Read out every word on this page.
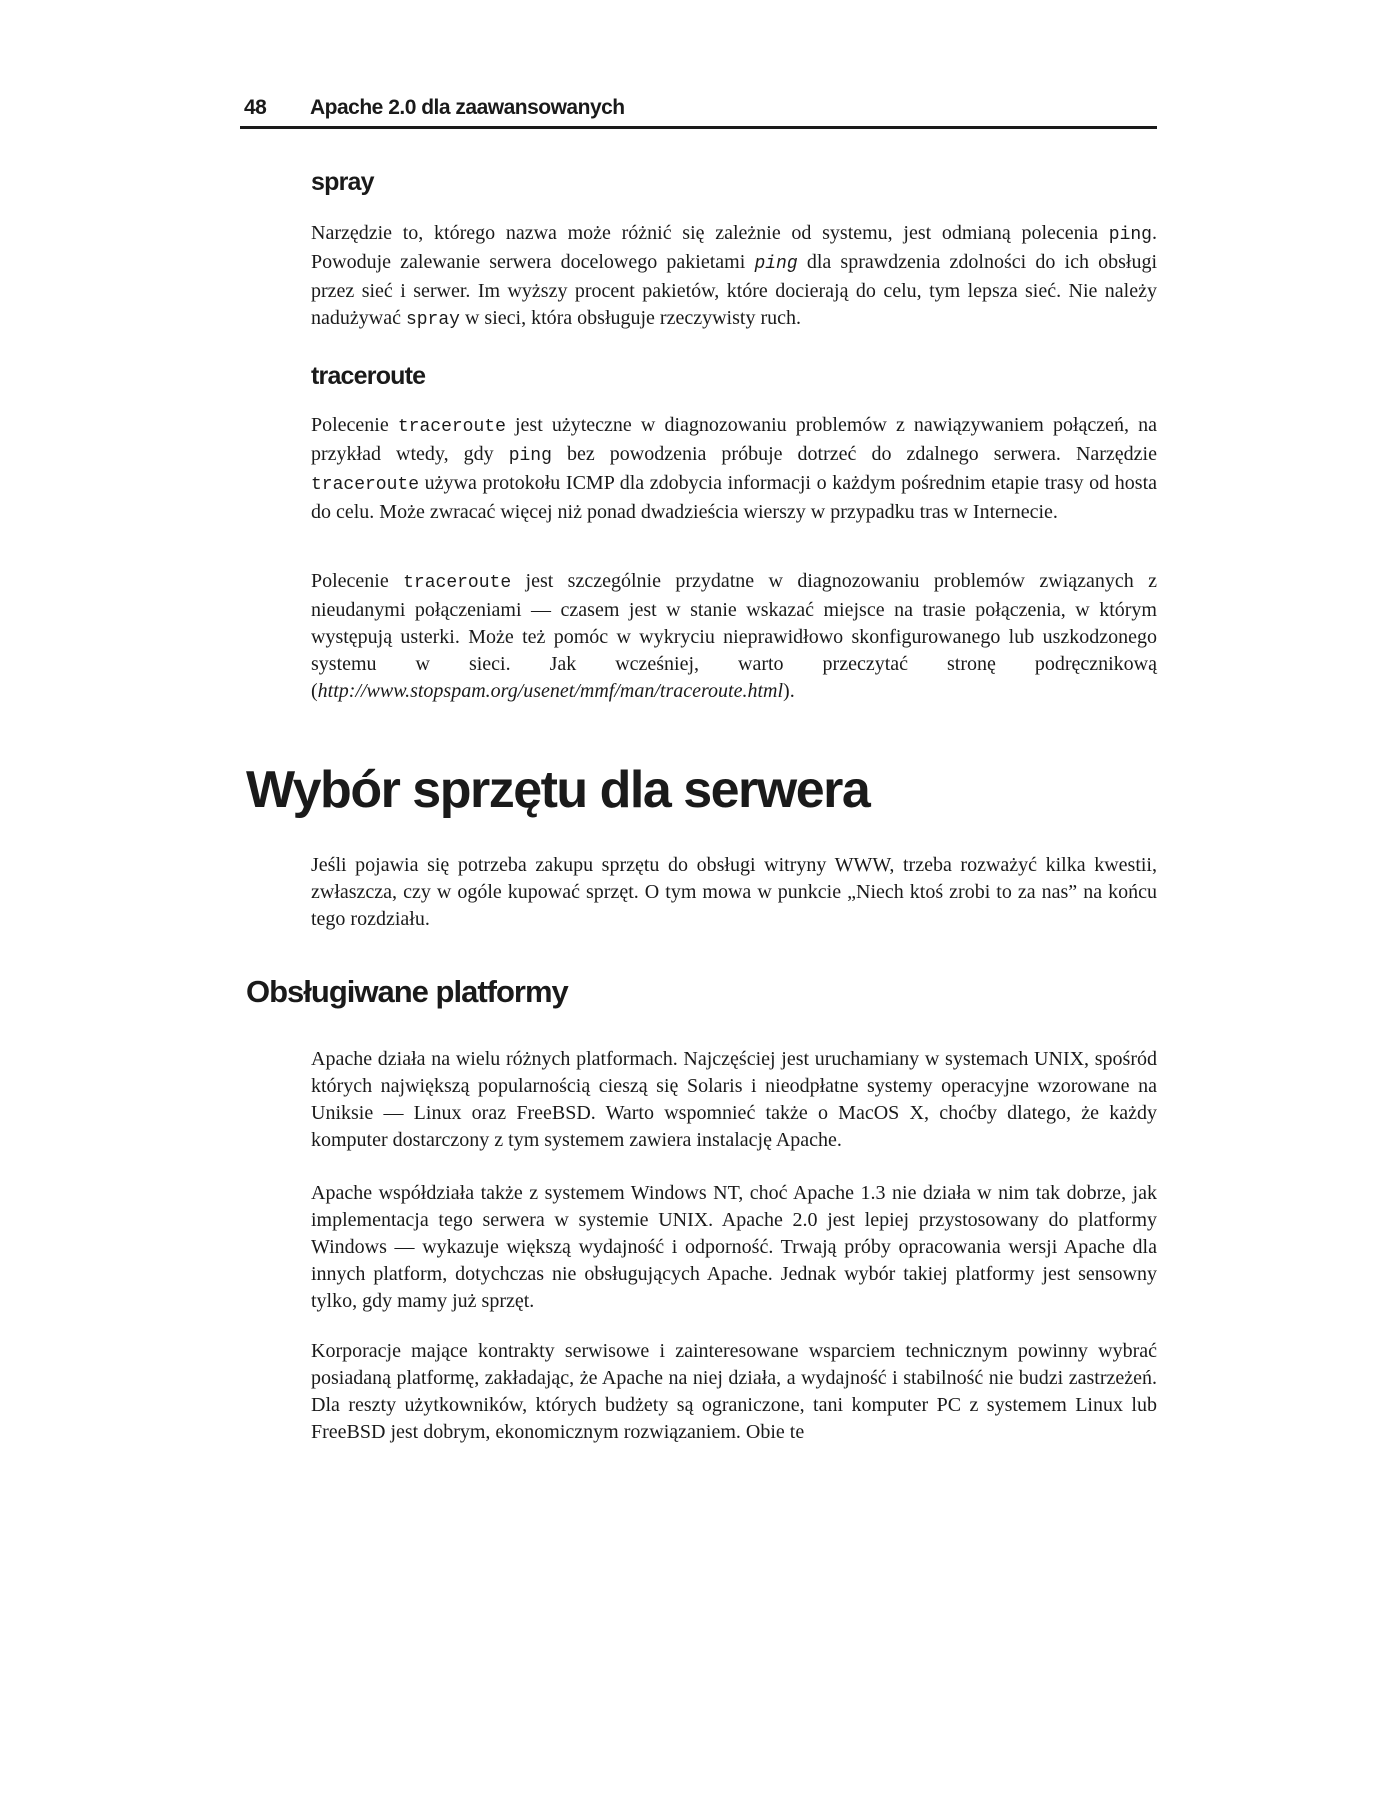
48 Apache 2.0 dla zaawansowanych
spray

Narzędzie to, którego nazwa może różnić się zależnie od systemu, jest odmianą polecenia ping. Powoduje zalewanie serwera docelowego pakietami ping dla sprawdzenia zdolności do ich obsługi przez sieć i serwer. Im wyższy procent pakietów, które docierają do celu, tym lepsza sieć. Nie należy nadużywać spray w sieci, która obsługuje rzeczywisty ruch.

traceroute

Polecenie traceroute jest użyteczne w diagnozowaniu problemów z nawiązywaniem połączeń, na przykład wtedy, gdy ping bez powodzenia próbuje dotrzeć do zdalnego serwera. Narzędzie traceroute używa protokołu ICMP dla zdobycia informacji o każdym pośrednim etapie trasy od hosta do celu. Może zwracać więcej niż ponad dwadzieścia wierszy w przypadku tras w Internecie.

Polecenie traceroute jest szczególnie przydatne w diagnozowaniu problemów związanych z nieudanymi połączeniami — czasem jest w stanie wskazać miejsce na trasie połączenia, w którym występują usterki. Może też pomóc w wykryciu nieprawidłowo skonfigurowanego lub uszkodzonego systemu w sieci. Jak wcześniej, warto przeczytać stronę podręcznikową (http://www.stopspam.org/usenet/mmf/man/traceroute.html).

Wybór sprzętu dla serwera

Jeśli pojawia się potrzeba zakupu sprzętu do obsługi witryny WWW, trzeba rozważyć kilka kwestii, zwłaszcza, czy w ogóle kupować sprzęt. O tym mowa w punkcie „Niech ktoś zrobi to za nas” na końcu tego rozdziału.

Obsługiwane platformy

Apache działa na wielu różnych platformach. Najczęściej jest uruchamiany w systemach UNIX, spośród których największą popularnością cieszą się Solaris i nieodpłatne systemy operacyjne wzorowane na Uniksie — Linux oraz FreeBSD. Warto wspomnieć także o MacOS X, choćby dlatego, że każdy komputer dostarczony z tym systemem zawiera instalację Apache.

Apache współdziała także z systemem Windows NT, choć Apache 1.3 nie działa w nim tak dobrze, jak implementacja tego serwera w systemie UNIX. Apache 2.0 jest lepiej przystosowany do platformy Windows — wykazuje większą wydajność i odporność. Trwają próby opracowania wersji Apache dla innych platform, dotychczas nie obsługujących Apache. Jednak wybór takiej platformy jest sensowny tylko, gdy mamy już sprzęt.

Korporacje mające kontrakty serwisowe i zainteresowane wsparciem technicznym powinny wybrać posiadaną platformę, zakładając, że Apache na niej działa, a wydajność i stabilność nie budzi zastrzeżeń. Dla reszty użytkowników, których budżety są ograniczone, tani komputer PC z systemem Linux lub FreeBSD jest dobrym, ekonomicznym rozwiązaniem. Obie te
